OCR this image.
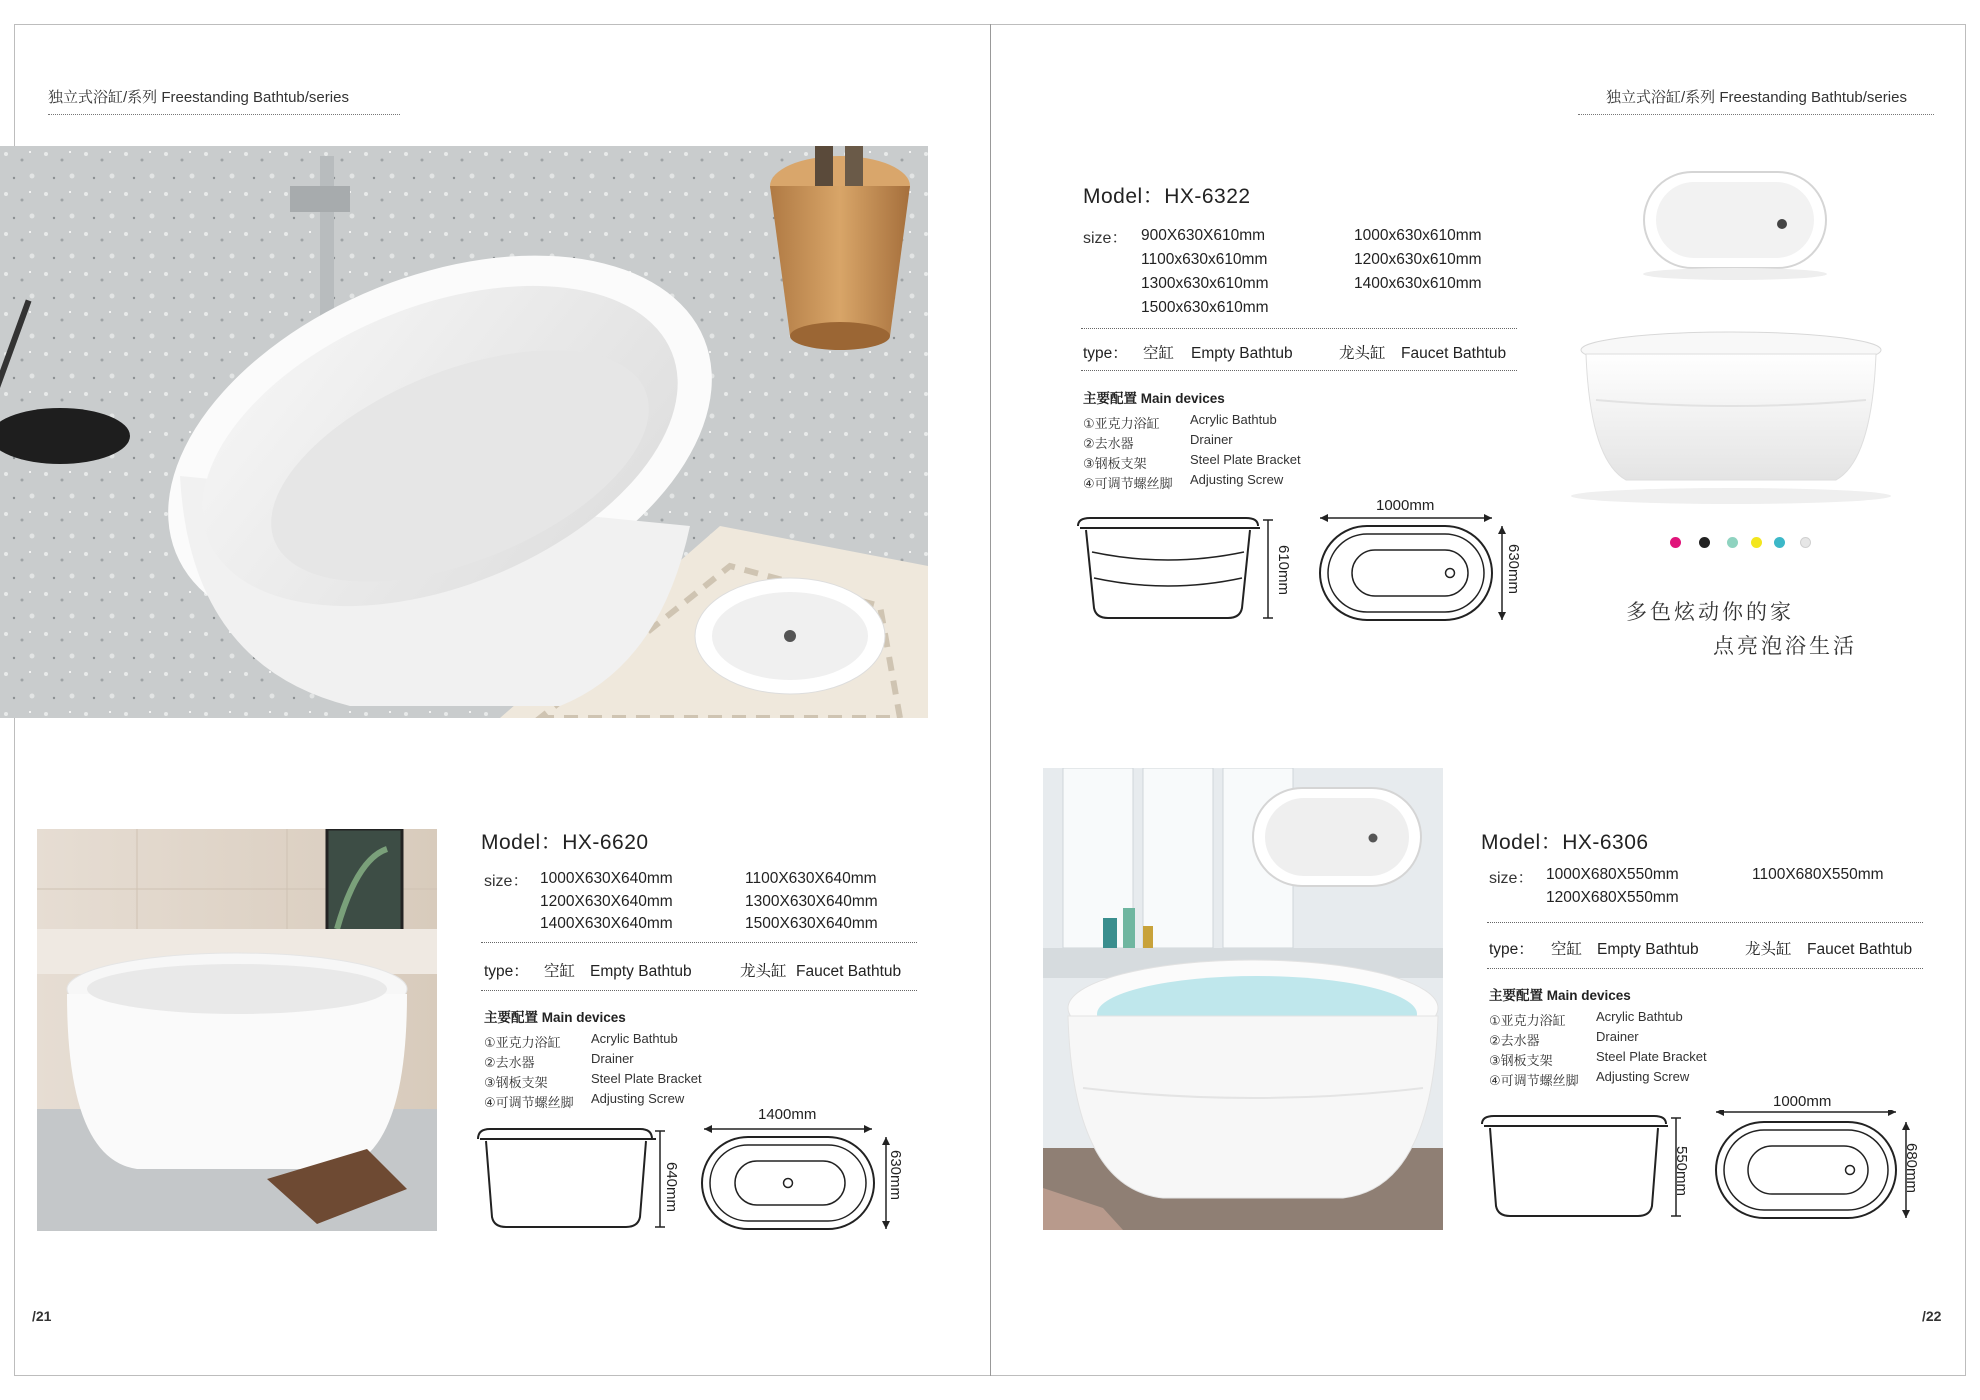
独立式浴缸/系列 Freestanding Bathtub/series
Model：HX-6620
size： 1000X630X640mm	1100X630X640mm
1200X630X640mm	1300X630X640mm
1400X630X640mm	1500X630X640mm
type： 空缸 Empty Bathtub	龙头缸 Faucet Bathtub
主要配置 Main devices
①亚克力浴缸 Acrylic Bathtub
②去水器	Drainer
③钢板支架	Steel Plate Bracket
④可调节螺丝脚 Adjusting Screw
1400mm
640mm	630mm
/21
独立式浴缸/系列 Freestanding Bathtub/series
Model：HX-6322
size： 900X630X610mm	1000x630x610mm
1100x630x610mm	1200x630x610mm
1300x630x610mm	1400x630x610mm
1500x630x610mm
type： 空缸 Empty Bathtub	龙头缸 Faucet Bathtub
主要配置 Main devices
①亚克力浴缸 Acrylic Bathtub
②去水器	Drainer
③钢板支架	Steel Plate Bracket
④可调节螺丝脚 Adjusting Screw
1000mm
610mm	630mm
多色炫动你的家
点亮泡浴生活
Model：HX-6306
size： 1000X680X550mm	1100X680X550mm
1200X680X550mm
type： 空缸 Empty Bathtub	龙头缸 Faucet Bathtub
主要配置 Main devices
①亚克力浴缸 Acrylic Bathtub
②去水器	Drainer
③钢板支架	Steel Plate Bracket
④可调节螺丝脚 Adjusting Screw
1000mm
550mm	680mm
/22
